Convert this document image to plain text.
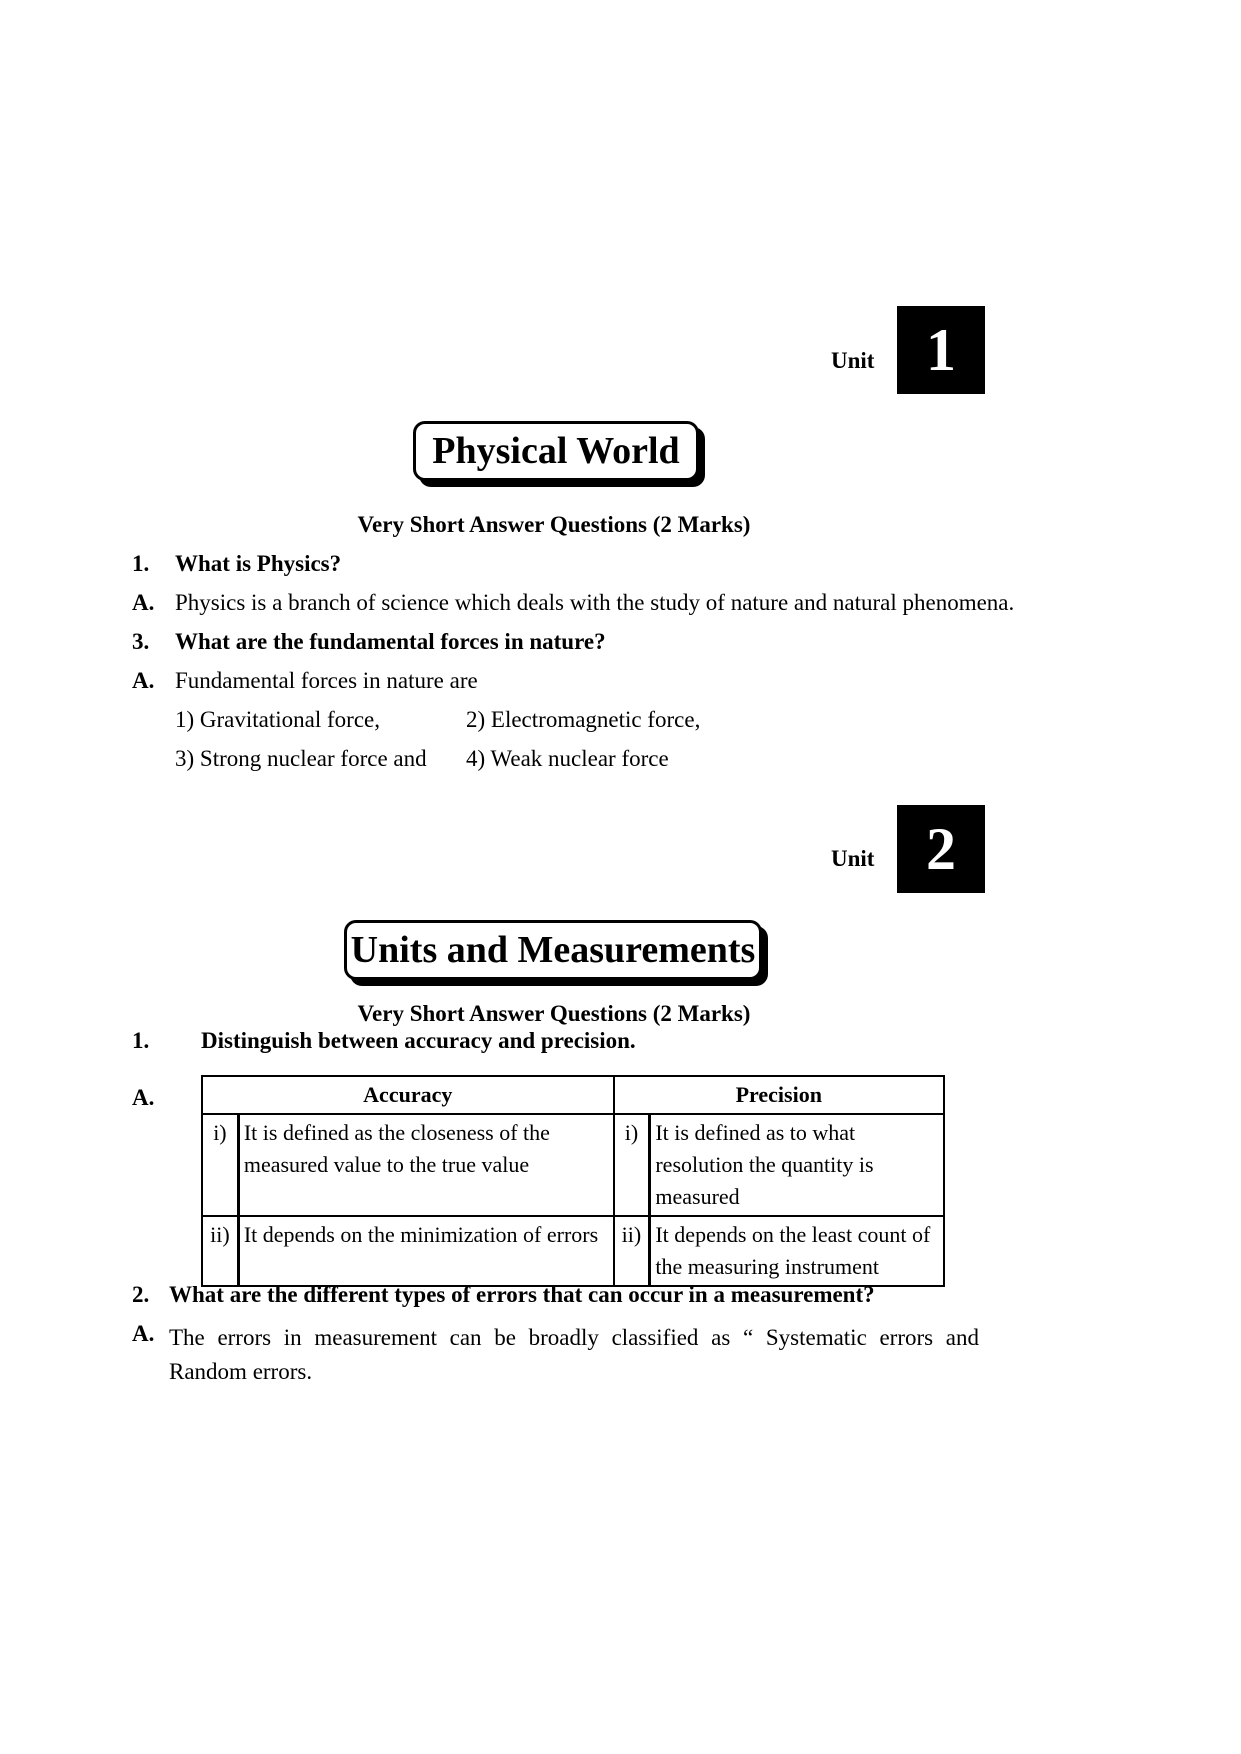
Unit 1
Physical World
Very Short Answer Questions (2 Marks)
1. What is Physics?
A. Physics is a branch of science which deals with the study of nature and natural phenomena.
3. What are the fundamental forces in nature?
A. Fundamental forces in nature are
1) Gravitational force,	2) Electromagnetic force,
3) Strong nuclear force and 4) Weak nuclear force
Unit 2
Units and Measurements
Very Short Answer Questions (2 Marks)
1. Distinguish between accuracy and precision.
A.	Accuracy		Precision	
i)	It is defined as the closeness of the measured value to the true value	i)	It is defined as to what resolution the quantity is measured
ii)	It depends on the minimization of errors	ii)	It depends on the least count of the measuring instrument
2. What are the different types of errors that can occur in a measurement?
A. The errors in measurement can be broadly classified as “ Systematic errors and Random errors.
